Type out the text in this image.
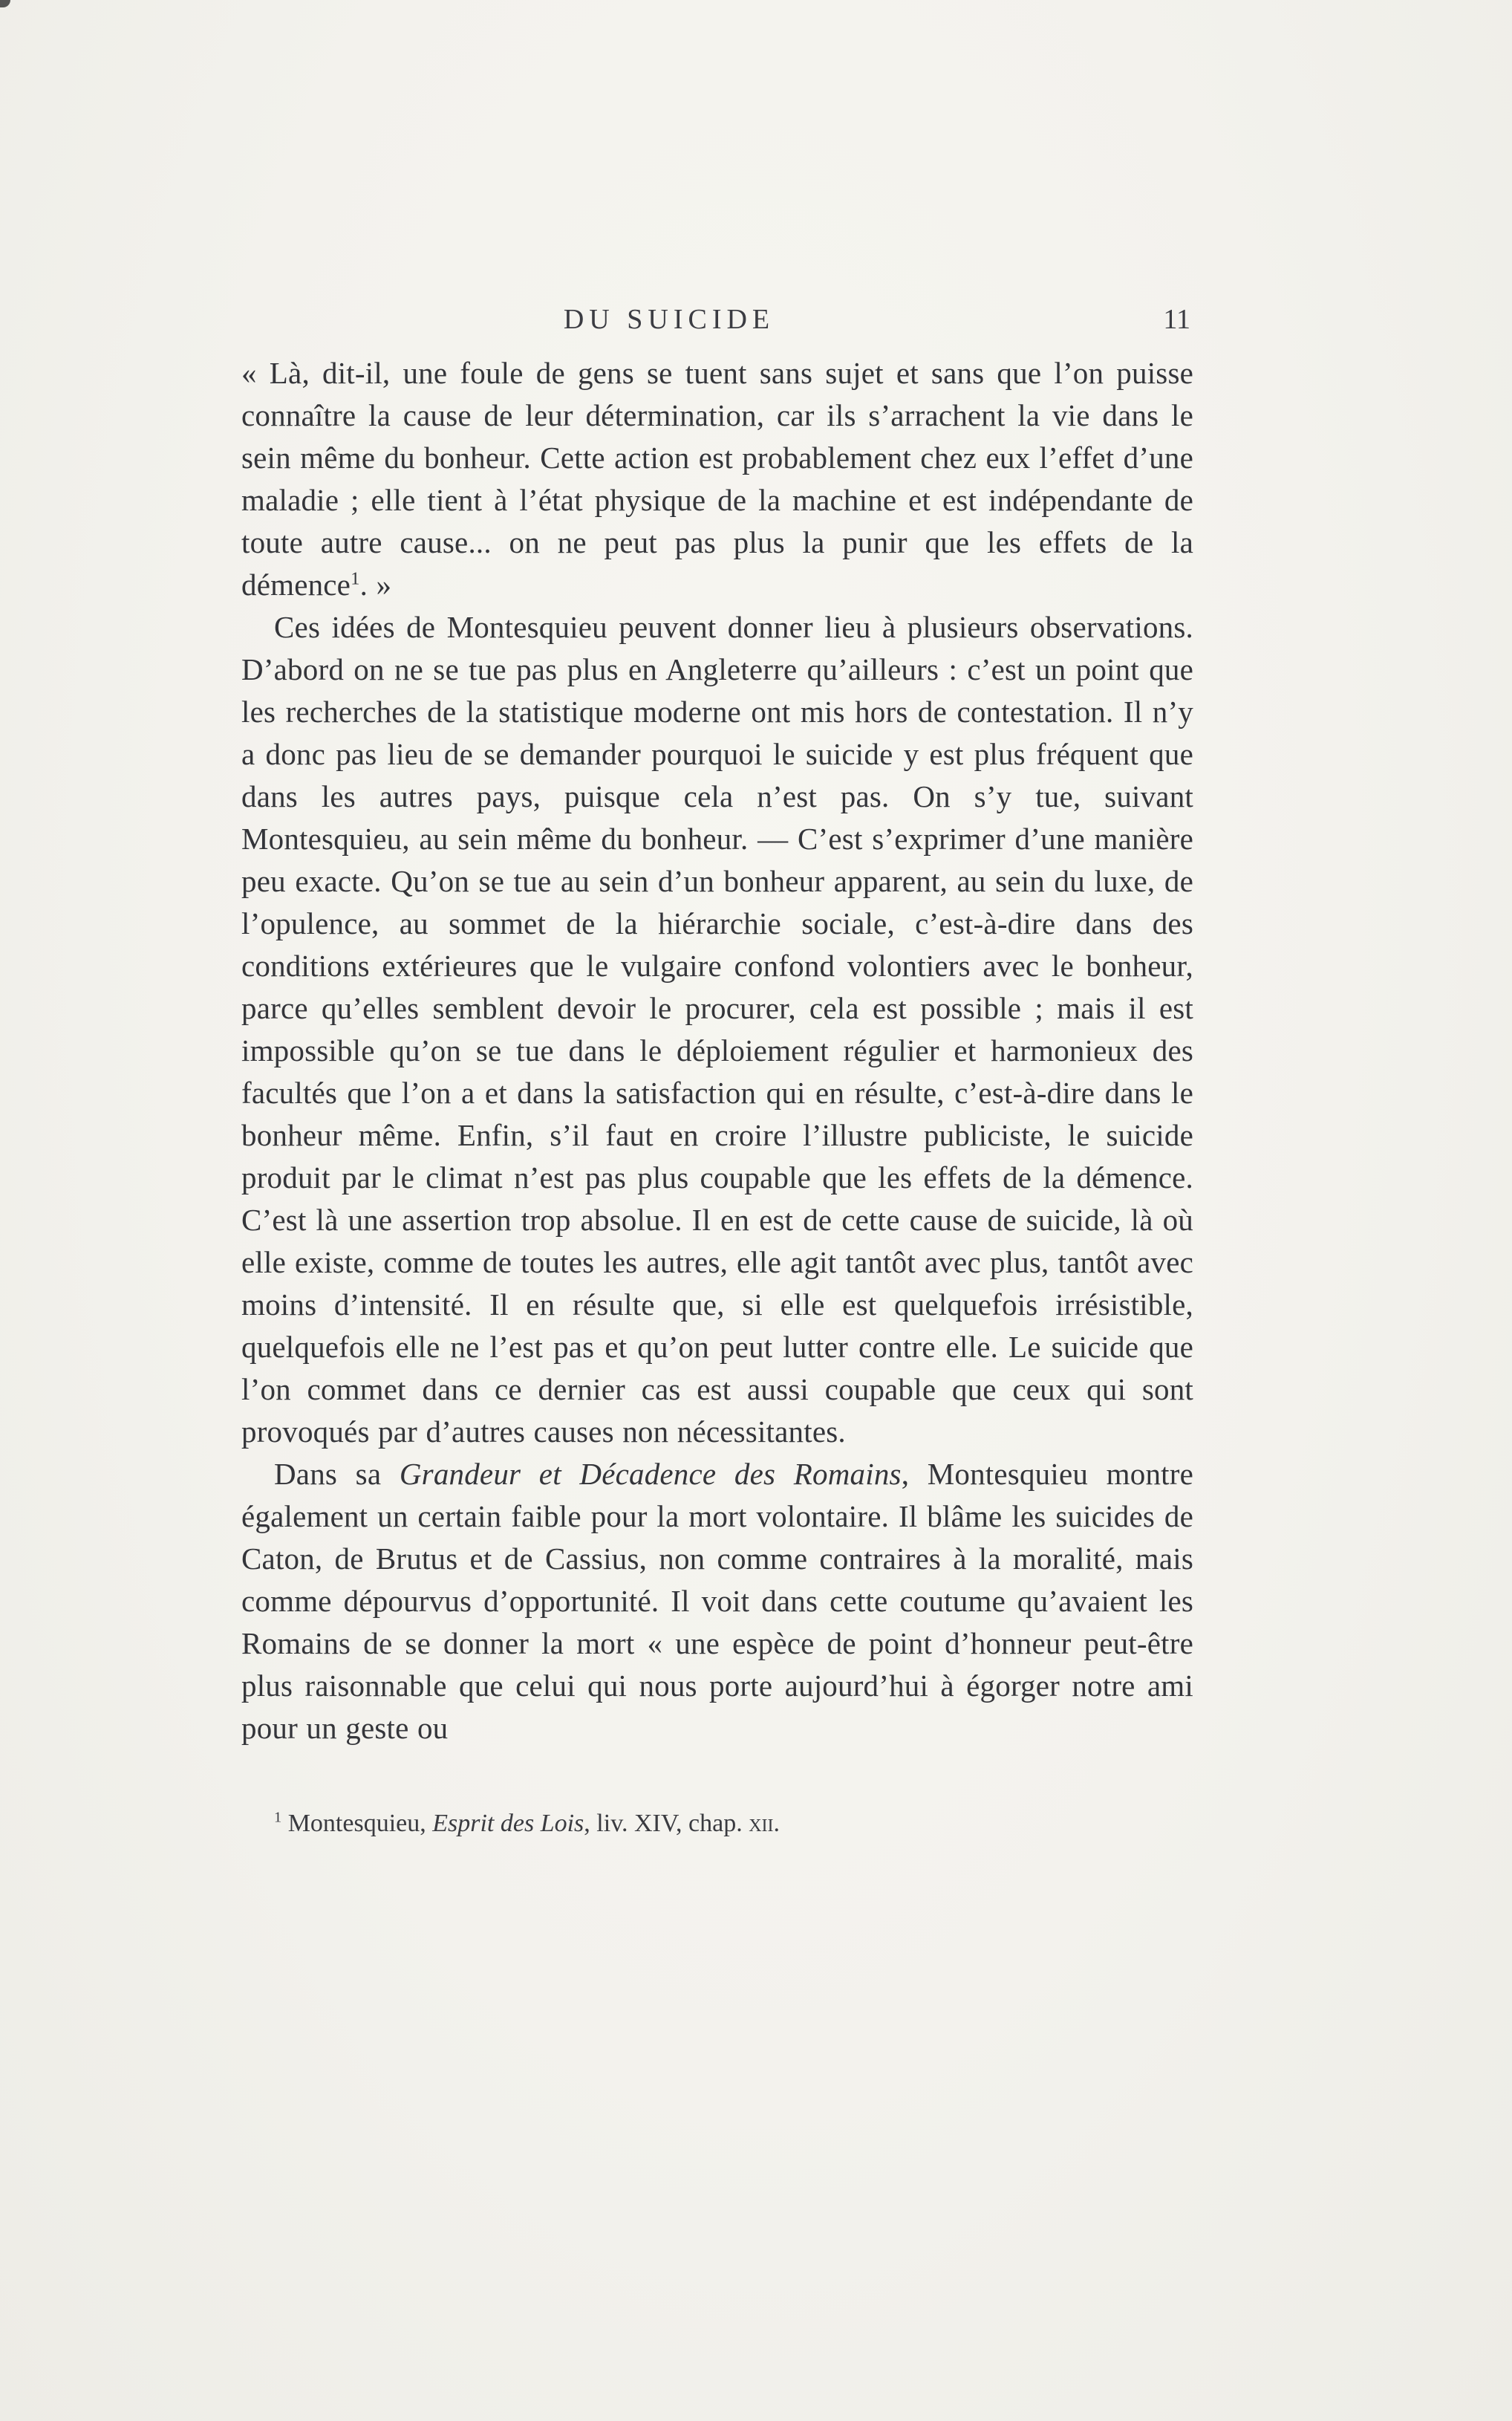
DU SUICIDE	11

« Là, dit-il, une foule de gens se tuent sans sujet et sans que l’on puisse connaître la cause de leur détermination, car ils s’arrachent la vie dans le sein même du bonheur. Cette action est probablement chez eux l’effet d’une maladie ; elle tient à l’état physique de la machine et est indépendante de toute autre cause... on ne peut pas plus la punir que les effets de la démence$^1$. »

Ces idées de Montesquieu peuvent donner lieu à plusieurs observations. D’abord on ne se tue pas plus en Angleterre qu’ailleurs : c’est un point que les recherches de la statistique moderne ont mis hors de contestation. Il n’y a donc pas lieu de se demander pourquoi le suicide y est plus fréquent que dans les autres pays, puisque cela n’est pas. On s’y tue, suivant Montesquieu, au sein même du bonheur. — C’est s’exprimer d’une manière peu exacte. Qu’on se tue au sein d’un bonheur apparent, au sein du luxe, de l’opulence, au sommet de la hiérarchie sociale, c’est-à-dire dans des conditions extérieures que le vulgaire confond volontiers avec le bonheur, parce qu’elles semblent devoir le procurer, cela est possible ; mais il est impossible qu’on se tue dans le déploiement régulier et harmonieux des facultés que l’on a et dans la satisfaction qui en résulte, c’est-à-dire dans le bonheur même. Enfin, s’il faut en croire l’illustre publiciste, le suicide produit par le climat n’est pas plus coupable que les effets de la démence. C’est là une assertion trop absolue. Il en est de cette cause de suicide, là où elle existe, comme de toutes les autres, elle agit tantôt avec plus, tantôt avec moins d’intensité. Il en résulte que, si elle est quelquefois irrésistible, quelquefois elle ne l’est pas et qu’on peut lutter contre elle. Le suicide que l’on commet dans ce dernier cas est aussi coupable que ceux qui sont provoqués par d’autres causes non nécessitantes.

Dans sa Grandeur et Décadence des Romains, Montesquieu montre également un certain faible pour la mort volontaire. Il blâme les suicides de Caton, de Brutus et de Cassius, non comme contraires à la moralité, mais comme dépourvus d’opportunité. Il voit dans cette coutume qu’avaient les Romains de se donner la mort « une espèce de point d’honneur peut-être plus raisonnable que celui qui nous porte aujourd’hui à égorger notre ami pour un geste ou

$^1$ Montesquieu, Esprit des Lois, liv. XIV, chap. xii.
